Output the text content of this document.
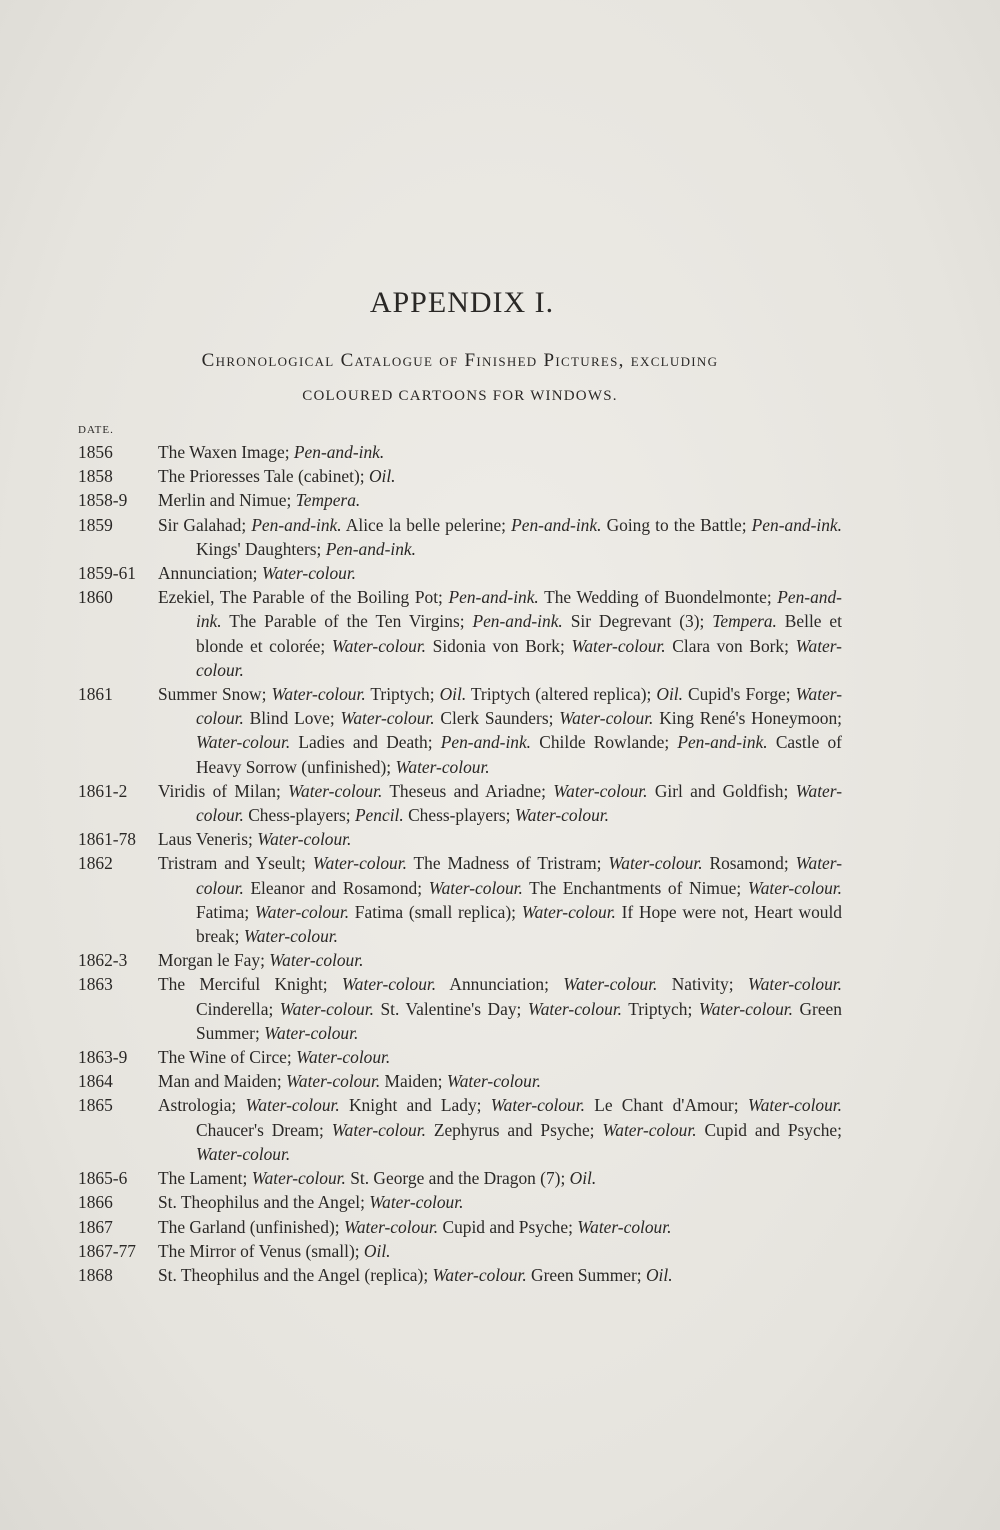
APPENDIX I.
Chronological Catalogue of Finished Pictures, excluding
COLOURED CARTOONS FOR WINDOWS.
DATE.
1856	The Waxen Image; Pen-and-ink.
1858	The Prioresses Tale (cabinet); Oil.
1858-9	Merlin and Nimue; Tempera.
1859	Sir Galahad; Pen-and-ink. Alice la belle pelerine; Pen-and-ink. Going to the Battle; Pen-and-ink. Kings' Daughters; Pen-and-ink.
1859-61	Annunciation; Water-colour.
1860	Ezekiel, The Parable of the Boiling Pot; Pen-and-ink. The Wedding of Buondelmonte; Pen-and-ink. The Parable of the Ten Virgins; Pen-and-ink. Sir Degrevant (3); Tempera. Belle et blonde et colorée; Water-colour. Sidonia von Bork; Water-colour. Clara von Bork; Water-colour.
1861	Summer Snow; Water-colour. Triptych; Oil. Triptych (altered replica); Oil. Cupid's Forge; Water-colour. Blind Love; Water-colour. Clerk Saunders; Water-colour. King René's Honeymoon; Water-colour. Ladies and Death; Pen-and-ink. Childe Rowlande; Pen-and-ink. Castle of Heavy Sorrow (unfinished); Water-colour.
1861-2	Viridis of Milan; Water-colour. Theseus and Ariadne; Water-colour. Girl and Goldfish; Water-colour. Chess-players; Pencil. Chess-players; Water-colour.
1861-78	Laus Veneris; Water-colour.
1862	Tristram and Yseult; Water-colour. The Madness of Tristram; Water-colour. Rosamond; Water-colour. Eleanor and Rosamond; Water-colour. The Enchantments of Nimue; Water-colour. Fatima; Water-colour. Fatima (small replica); Water-colour. If Hope were not, Heart would break; Water-colour.
1862-3	Morgan le Fay; Water-colour.
1863	The Merciful Knight; Water-colour. Annunciation; Water-colour. Nativity; Water-colour. Cinderella; Water-colour. St. Valentine's Day; Water-colour. Triptych; Water-colour. Green Summer; Water-colour.
1863-9	The Wine of Circe; Water-colour.
1864	Man and Maiden; Water-colour. Maiden; Water-colour.
1865	Astrologia; Water-colour. Knight and Lady; Water-colour. Le Chant d'Amour; Water-colour. Chaucer's Dream; Water-colour. Zephyrus and Psyche; Water-colour. Cupid and Psyche; Water-colour.
1865-6	The Lament; Water-colour. St. George and the Dragon (7); Oil.
1866	St. Theophilus and the Angel; Water-colour.
1867	The Garland (unfinished); Water-colour. Cupid and Psyche; Water-colour.
1867-77	The Mirror of Venus (small); Oil.
1868	St. Theophilus and the Angel (replica); Water-colour. Green Summer; Oil.
